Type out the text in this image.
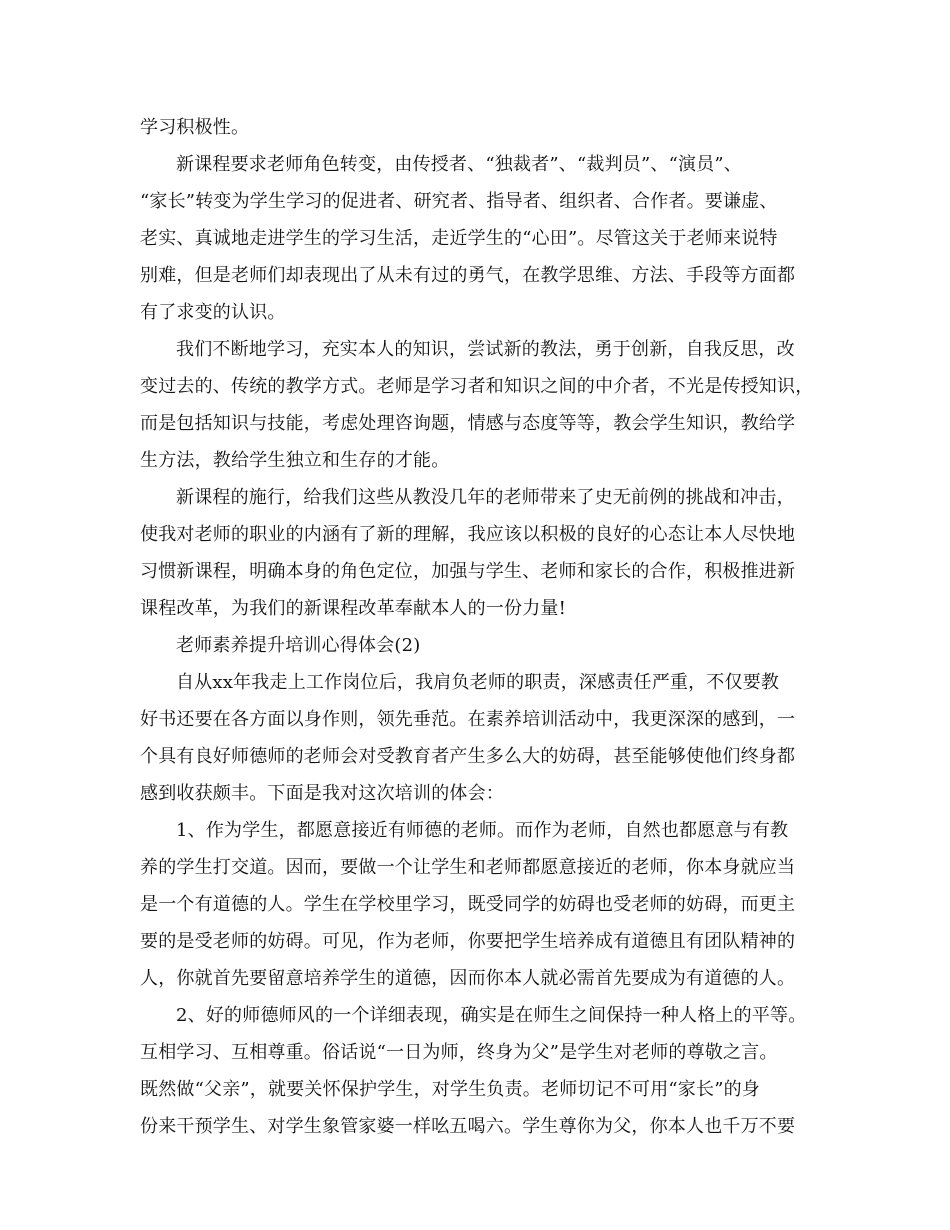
学习积极性。
新课程要求老师角色转变，由传授者、“独裁者”、“裁判员”、“演员”、
“家长”转变为学生学习的促进者、研究者、指导者、组织者、合作者。要谦虚、
老实、真诚地走进学生的学习生活，走近学生的“心田”。尽管这关于老师来说特
别难，但是老师们却表现出了从未有过的勇气，在教学思维、方法、手段等方面都
有了求变的认识。
我们不断地学习，充实本人的知识，尝试新的教法，勇于创新，自我反思，改
变过去的、传统的教学方式。老师是学习者和知识之间的中介者，不光是传授知识，
而是包括知识与技能，考虑处理咨询题，情感与态度等等，教会学生知识，教给学
生方法，教给学生独立和生存的才能。
新课程的施行，给我们这些从教没几年的老师带来了史无前例的挑战和冲击，
使我对老师的职业的内涵有了新的理解，我应该以积极的良好的心态让本人尽快地
习惯新课程，明确本身的角色定位，加强与学生、老师和家长的合作，积极推进新
课程改革，为我们的新课程改革奉献本人的一份力量!
老师素养提升培训心得体会(2)
自从xx年我走上工作岗位后，我肩负老师的职责，深感责任严重，不仅要教
好书还要在各方面以身作则，领先垂范。在素养培训活动中，我更深深的感到，一
个具有良好师德师的老师会对受教育者产生多么大的妨碍，甚至能够使他们终身都
感到收获颇丰。下面是我对这次培训的体会：
1、作为学生，都愿意接近有师德的老师。而作为老师，自然也都愿意与有教
养的学生打交道。因而，要做一个让学生和老师都愿意接近的老师，你本身就应当
是一个有道德的人。学生在学校里学习，既受同学的妨碍也受老师的妨碍，而更主
要的是受老师的妨碍。可见，作为老师，你要把学生培养成有道德且有团队精神的
人，你就首先要留意培养学生的道德，因而你本人就必需首先要成为有道德的人。
2、好的师德师风的一个详细表现，确实是在师生之间保持一种人格上的平等。
互相学习、互相尊重。俗话说“一日为师，终身为父”是学生对老师的尊敬之言。
既然做“父亲”，就要关怀保护学生，对学生负责。老师切记不可用“家长”的身
份来干预学生、对学生象管家婆一样吆五喝六。学生尊你为父，你本人也千万不要
